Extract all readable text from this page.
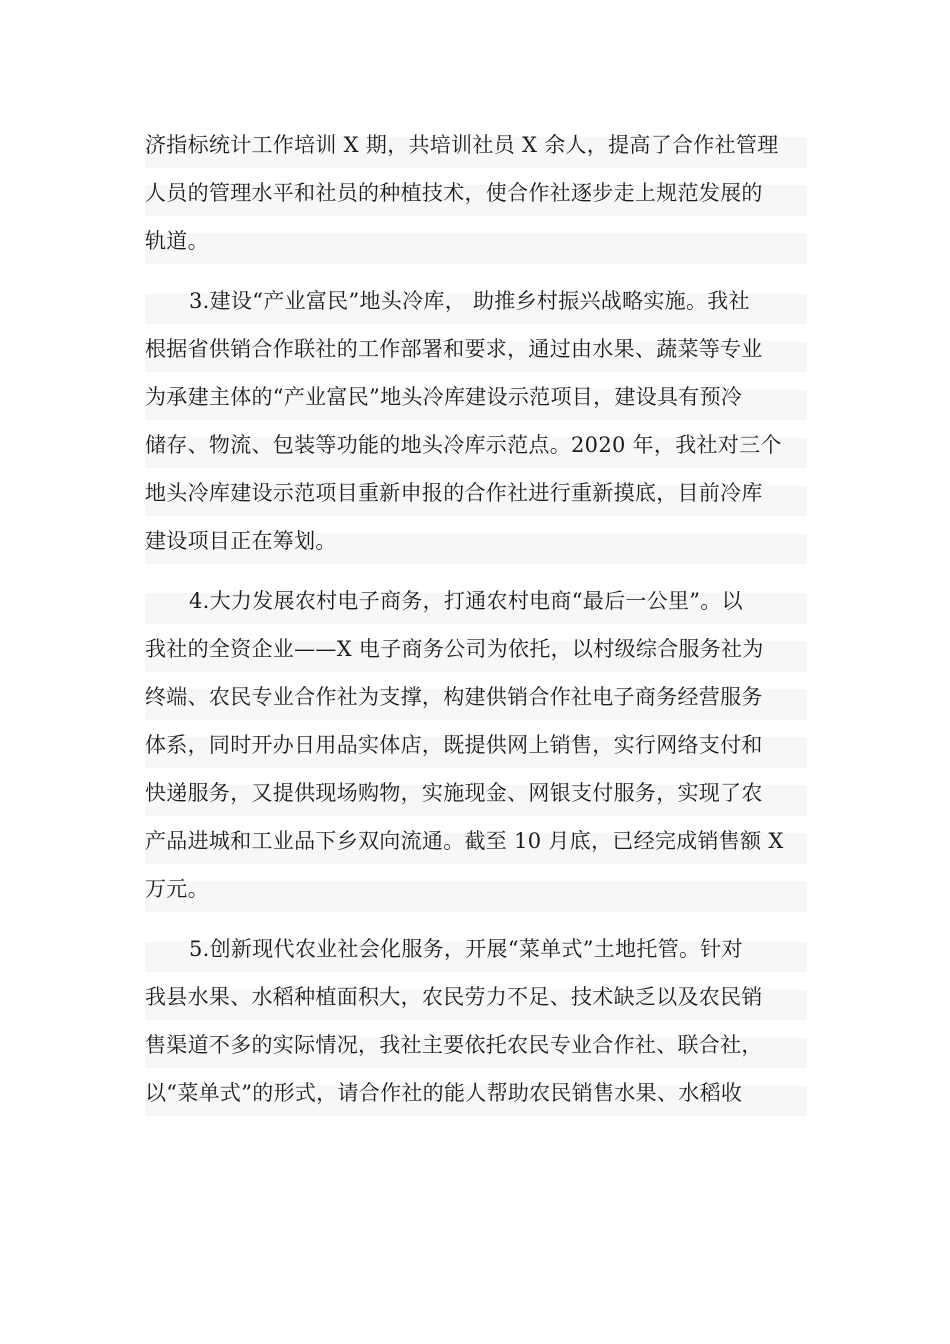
济指标统计工作培训 X 期，共培训社员 X 余人，提高了合作社管理
人员的管理水平和社员的种植技术，使合作社逐步走上规范发展的
轨道。
3.建设“产业富民”地头冷库， 助推乡村振兴战略实施。我社
根据省供销合作联社的工作部署和要求，通过由水果、蔬菜等专业
为承建主体的“产业富民”地头冷库建设示范项目，建设具有预冷
储存、物流、包装等功能的地头冷库示范点。2020 年，我社对三个
地头冷库建设示范项目重新申报的合作社进行重新摸底，目前冷库
建设项目正在筹划。
4.大力发展农村电子商务，打通农村电商“最后一公里”。以
我社的全资企业——X 电子商务公司为依托，以村级综合服务社为
终端、农民专业合作社为支撑，构建供销合作社电子商务经营服务
体系，同时开办日用品实体店，既提供网上销售，实行网络支付和
快递服务，又提供现场购物，实施现金、网银支付服务，实现了农
产品进城和工业品下乡双向流通。截至 10 月底，已经完成销售额 X
万元。
5.创新现代农业社会化服务，开展“菜单式”土地托管。针对
我县水果、水稻种植面积大，农民劳力不足、技术缺乏以及农民销
售渠道不多的实际情况，我社主要依托农民专业合作社、联合社，
以“菜单式”的形式，请合作社的能人帮助农民销售水果、水稻收
